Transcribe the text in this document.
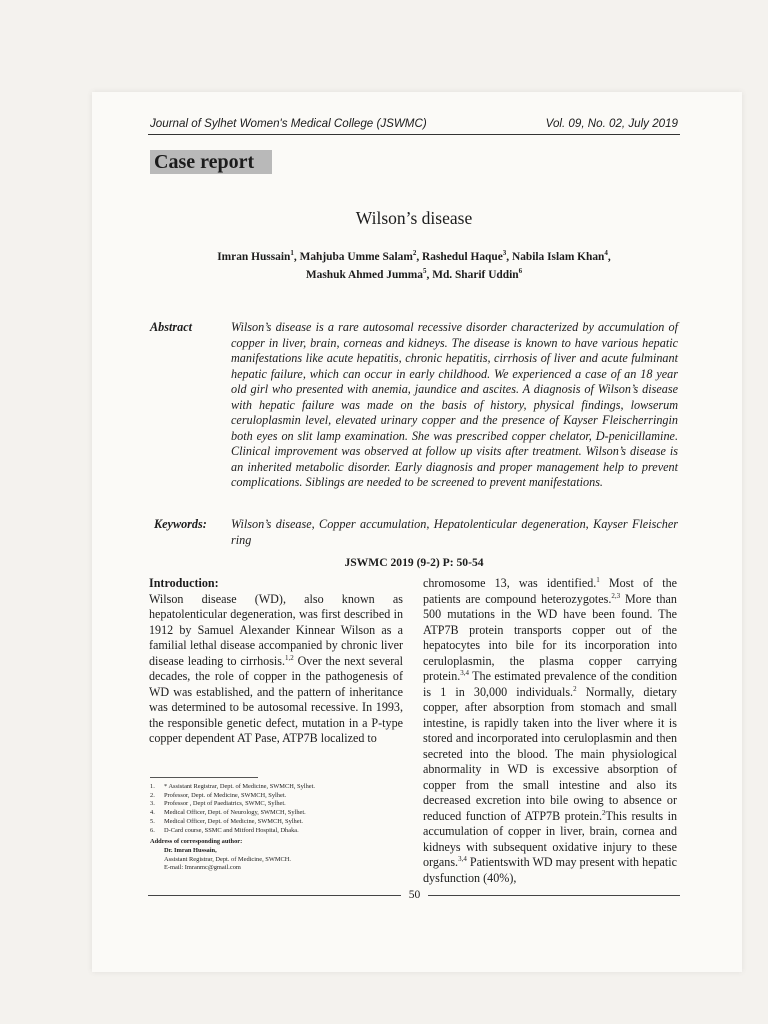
Journal of Sylhet Women's Medical College (JSWMC)	Vol. 09, No. 02, July 2019
Case report
Wilson’s disease
Imran Hussain$^1$, Mahjuba Umme Salam$^2$, Rashedul Haque$^3$, Nabila Islam Khan$^4$,
Mashuk Ahmed Jumma$^5$, Md. Sharif Uddin$^6$
Abstract	Wilson’s disease is a rare autosomal recessive disorder characterized by accumulation of copper in liver, brain, corneas and kidneys. The disease is known to have various hepatic manifestations like acute hepatitis, chronic hepatitis, cirrhosis of liver and acute fulminant hepatic failure, which can occur in early childhood. We experienced a case of an 18 year old girl who presented with anemia, jaundice and ascites. A diagnosis of Wilson’s disease with hepatic failure was made on the basis of history, physical findings, lowserum ceruloplasmin level, elevated urinary copper and the presence of Kayser Fleischerringin both eyes on slit lamp examination. She was prescribed copper chelator, D-penicillamine. Clinical improvement was observed at follow up visits after treatment. Wilson’s disease is an inherited metabolic disorder. Early diagnosis and proper management help to prevent complications. Siblings are needed to be screened to prevent manifestations.
Keywords: Wilson’s disease, Copper accumulation, Hepatolenticular degeneration, Kayser Fleischer ring
JSWMC 2019 (9-2) P: 50-54

Introduction:

Wilson disease (WD), also known as hepatolenticular degeneration, was first described in 1912 by Samuel Alexander Kinnear Wilson as a familial lethal disease accompanied by chronic liver disease leading to cirrhosis.$^{1,2}$ Over the next several decades, the role of copper in the pathogenesis of WD was established, and the pattern of inheritance was determined to be autosomal recessive. In 1993, the responsible genetic defect, mutation in a P-type copper dependent AT Pase, ATP7B localized to

chromosome 13, was identified.$^1$ Most of the patients are compound heterozygotes.$^{2,3}$ More than 500 mutations in the WD have been found. The ATP7B protein transports copper out of the hepatocytes into bile for its incorporation into ceruloplasmin, the plasma copper carrying protein.$^{3,4}$ The estimated prevalence of the condition is 1 in 30,000 individuals.$^2$ Normally, dietary copper, after absorption from stomach and small intestine, is rapidly taken into the liver where it is stored and incorporated into ceruloplasmin and then secreted into the blood. The main physiological abnormality in WD is excessive absorption of copper from the small intestine and also its decreased excretion into bile owing to absence or reduced function of ATP7B protein.$^2$This results in accumulation of copper in liver, brain, cornea and kidneys with subsequent oxidative injury to these organs.$^{3,4}$ Patientswith WD may present with hepatic dysfunction (40%),

1.	* Assistant Registrar, Dept. of Medicine, SWMCH, Sylhet.
2.	Professor, Dept. of Medicine, SWMCH, Sylhet.
3.	Professor , Dept of Paediatrics, SWMC, Sylhet.
4.	Medical Officer, Dept. of Neurology, SWMCH, Sylhet.
5.	Medical Officer, Dept. of Medicine, SWMCH, Sylhet.
6.	D-Card course, SSMC and Mitford Hospital, Dhaka.
Address of corresponding author:
Dr. Imran Hussain,
Assistant Registrar, Dept. of Medicine, SWMCH.
E-mail: Imranmc@gmail.com
50
